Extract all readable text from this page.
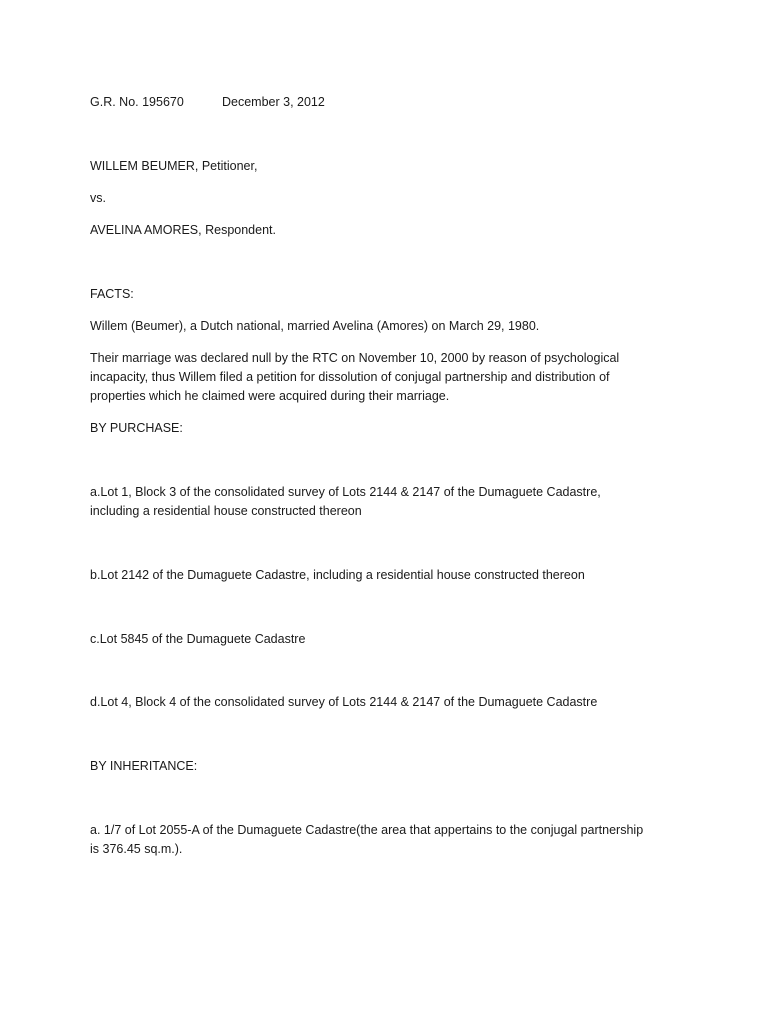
G.R. No. 195670	December 3, 2012
WILLEM BEUMER, Petitioner,
vs.
AVELINA AMORES, Respondent.
FACTS:
Willem (Beumer), a Dutch national, married Avelina (Amores) on March 29, 1980.
Their marriage was declared null by the RTC on November 10, 2000 by reason of psychological incapacity, thus Willem filed a petition for dissolution of conjugal partnership and distribution of properties which he claimed were acquired during their marriage.
BY PURCHASE:
a.Lot 1, Block 3 of the consolidated survey of Lots 2144 & 2147 of the Dumaguete Cadastre, including a residential house constructed thereon
b.Lot 2142 of the Dumaguete Cadastre, including a residential house constructed thereon
c.Lot 5845 of the Dumaguete Cadastre
d.Lot 4, Block 4 of the consolidated survey of Lots 2144 & 2147 of the Dumaguete Cadastre
BY INHERITANCE:
a. 1/7 of Lot 2055-A of the Dumaguete Cadastre(the area that appertains to the conjugal partnership is 376.45 sq.m.).
